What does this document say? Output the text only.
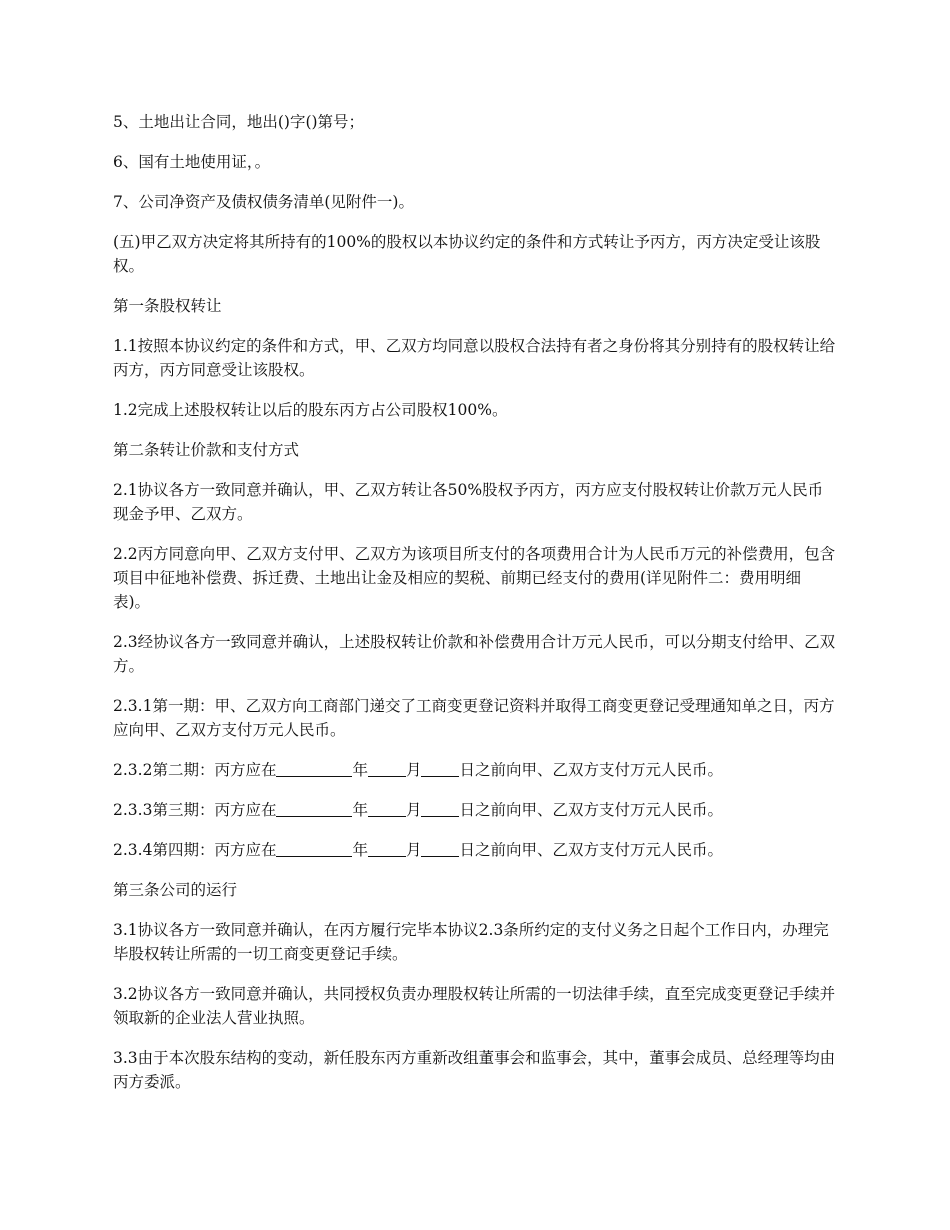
5、土地出让合同，地出()字()第号；

6、国有土地使用证，。

7、公司净资产及债权债务清单(见附件一)。

(五)甲乙双方决定将其所持有的100%的股权以本协议约定的条件和方式转让予丙方，丙方决定受让该股权。

第一条股权转让

1.1按照本协议约定的条件和方式，甲、乙双方均同意以股权合法持有者之身份将其分别持有的股权转让给丙方，丙方同意受让该股权。

1.2完成上述股权转让以后的股东丙方占公司股权100%。

第二条转让价款和支付方式

2.1协议各方一致同意并确认，甲、乙双方转让各50%股权予丙方，丙方应支付股权转让价款万元人民币现金予甲、乙双方。

2.2丙方同意向甲、乙双方支付甲、乙双方为该项目所支付的各项费用合计为人民币万元的补偿费用，包含项目中征地补偿费、拆迁费、土地出让金及相应的契税、前期已经支付的费用(详见附件二：费用明细表)。

2.3经协议各方一致同意并确认，上述股权转让价款和补偿费用合计万元人民币，可以分期支付给甲、乙双方。

2.3.1第一期：甲、乙双方向工商部门递交了工商变更登记资料并取得工商变更登记受理通知单之日，丙方应向甲、乙双方支付万元人民币。

2.3.2第二期：丙方应在	年 月 日之前向甲、乙双方支付万元人民币。

2.3.3第三期：丙方应在	年 月 日之前向甲、乙双方支付万元人民币。

2.3.4第四期：丙方应在	年 月 日之前向甲、乙双方支付万元人民币。

第三条公司的运行

3.1协议各方一致同意并确认，在丙方履行完毕本协议2.3条所约定的支付义务之日起个工作日内，办理完毕股权转让所需的一切工商变更登记手续。

3.2协议各方一致同意并确认，共同授权负责办理股权转让所需的一切法律手续，直至完成变更登记手续并领取新的企业法人营业执照。

3.3由于本次股东结构的变动，新任股东丙方重新改组董事会和监事会，其中，董事会成员、总经理等均由丙方委派。
